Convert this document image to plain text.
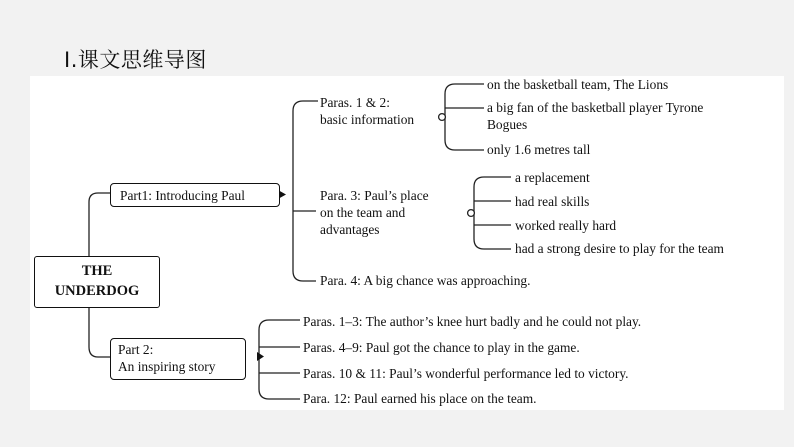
Ⅰ.课文思维导图
THE
UNDERDOG
Part1: Introducing Paul
Part 2:
An inspiring story
Paras. 1 & 2:
basic information
Para. 3: Paul’s place
on the team and
advantages
Para. 4: A big chance was approaching.
on the basketball team, The Lions
a big fan of the basketball player Tyrone
Bogues
only 1.6 metres tall
a replacement
had real skills
worked really hard
had a strong desire to play for the team
Paras. 1–3: The author’s knee hurt badly and he could not play.
Paras. 4–9: Paul got the chance to play in the game.
Paras. 10 & 11: Paul’s wonderful performance led to victory.
Para. 12: Paul earned his place on the team.
